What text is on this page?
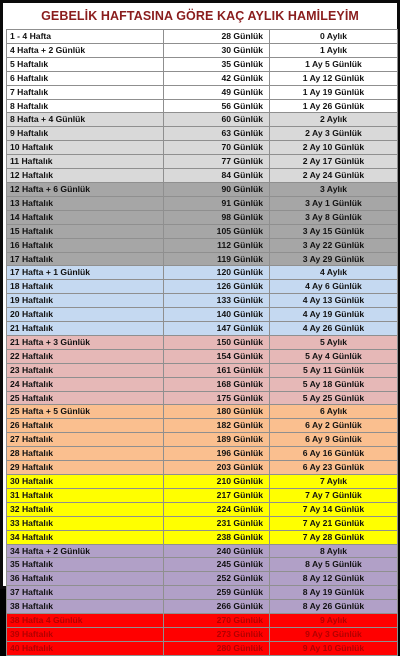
GEBELİK HAFTASINA GÖRE KAÇ AYLIK HAMİLEYİM
1 - 4 Hafta	28 Günlük	0 Aylık
4 Hafta + 2 Günlük	30 Günlük	1 Aylık
5 Haftalık	35 Günlük	1 Ay 5 Günlük
6 Haftalık	42 Günlük	1 Ay 12 Günlük
7 Haftalık	49 Günlük	1 Ay 19 Günlük
8 Haftalık	56 Günlük	1 Ay 26 Günlük
8 Hafta + 4 Günlük	60 Günlük	2 Aylık
9 Haftalık	63 Günlük	2 Ay 3 Günlük
10 Haftalık	70 Günlük	2 Ay 10 Günlük
11 Haftalık	77 Günlük	2 Ay 17 Günlük
12 Haftalık	84 Günlük	2 Ay 24 Günlük
12 Hafta + 6 Günlük	90 Günlük	3 Aylık
13 Haftalık	91 Günlük	3 Ay 1 Günlük
14 Haftalık	98 Günlük	3 Ay 8 Günlük
15 Haftalık	105 Günlük	3 Ay 15 Günlük
16 Haftalık	112 Günlük	3 Ay 22 Günlük
17 Haftalık	119 Günlük	3 Ay 29 Günlük
17 Hafta + 1 Günlük	120 Günlük	4 Aylık
18 Haftalık	126 Günlük	4 Ay 6 Günlük
19 Haftalık	133 Günlük	4 Ay 13 Günlük
20 Haftalık	140 Günlük	4 Ay 19 Günlük
21 Haftalık	147 Günlük	4 Ay 26 Günlük
21 Hafta + 3 Günlük	150 Günlük	5 Aylık
22 Haftalık	154 Günlük	5 Ay 4 Günlük
23 Haftalık	161 Günlük	5 Ay 11 Günlük
24 Haftalık	168 Günlük	5 Ay 18 Günlük
25 Haftalık	175 Günlük	5 Ay 25 Günlük
25 Hafta + 5 Günlük	180 Günlük	6 Aylık
26 Haftalık	182 Günlük	6 Ay 2 Günlük
27 Haftalık	189 Günlük	6 Ay 9 Günlük
28 Haftalık	196 Günlük	6 Ay 16 Günlük
29 Haftalık	203 Günlük	6 Ay 23 Günlük
30 Haftalık	210 Günlük	7 Aylık
31 Haftalık	217 Günlük	7 Ay 7 Günlük
32 Haftalık	224 Günlük	7 Ay 14 Günlük
33 Haftalık	231 Günlük	7 Ay 21 Günlük
34 Haftalık	238 Günlük	7 Ay 28 Günlük
34 Hafta + 2 Günlük	240 Günlük	8 Aylık
35 Haftalık	245 Günlük	8 Ay 5 Günlük
36 Haftalık	252 Günlük	8 Ay 12 Günlük
37 Haftalık	259 Günlük	8 Ay 19 Günlük
38 Haftalık	266 Günlük	8 Ay 26 Günlük
38 Hafta 4 Günlük	270 Günlük	9 Aylık
39 Haftalık	273 Günlük	9 Ay 3 Günlük
40 Haftalık	280 Günlük	9 Ay 10 Günlük
